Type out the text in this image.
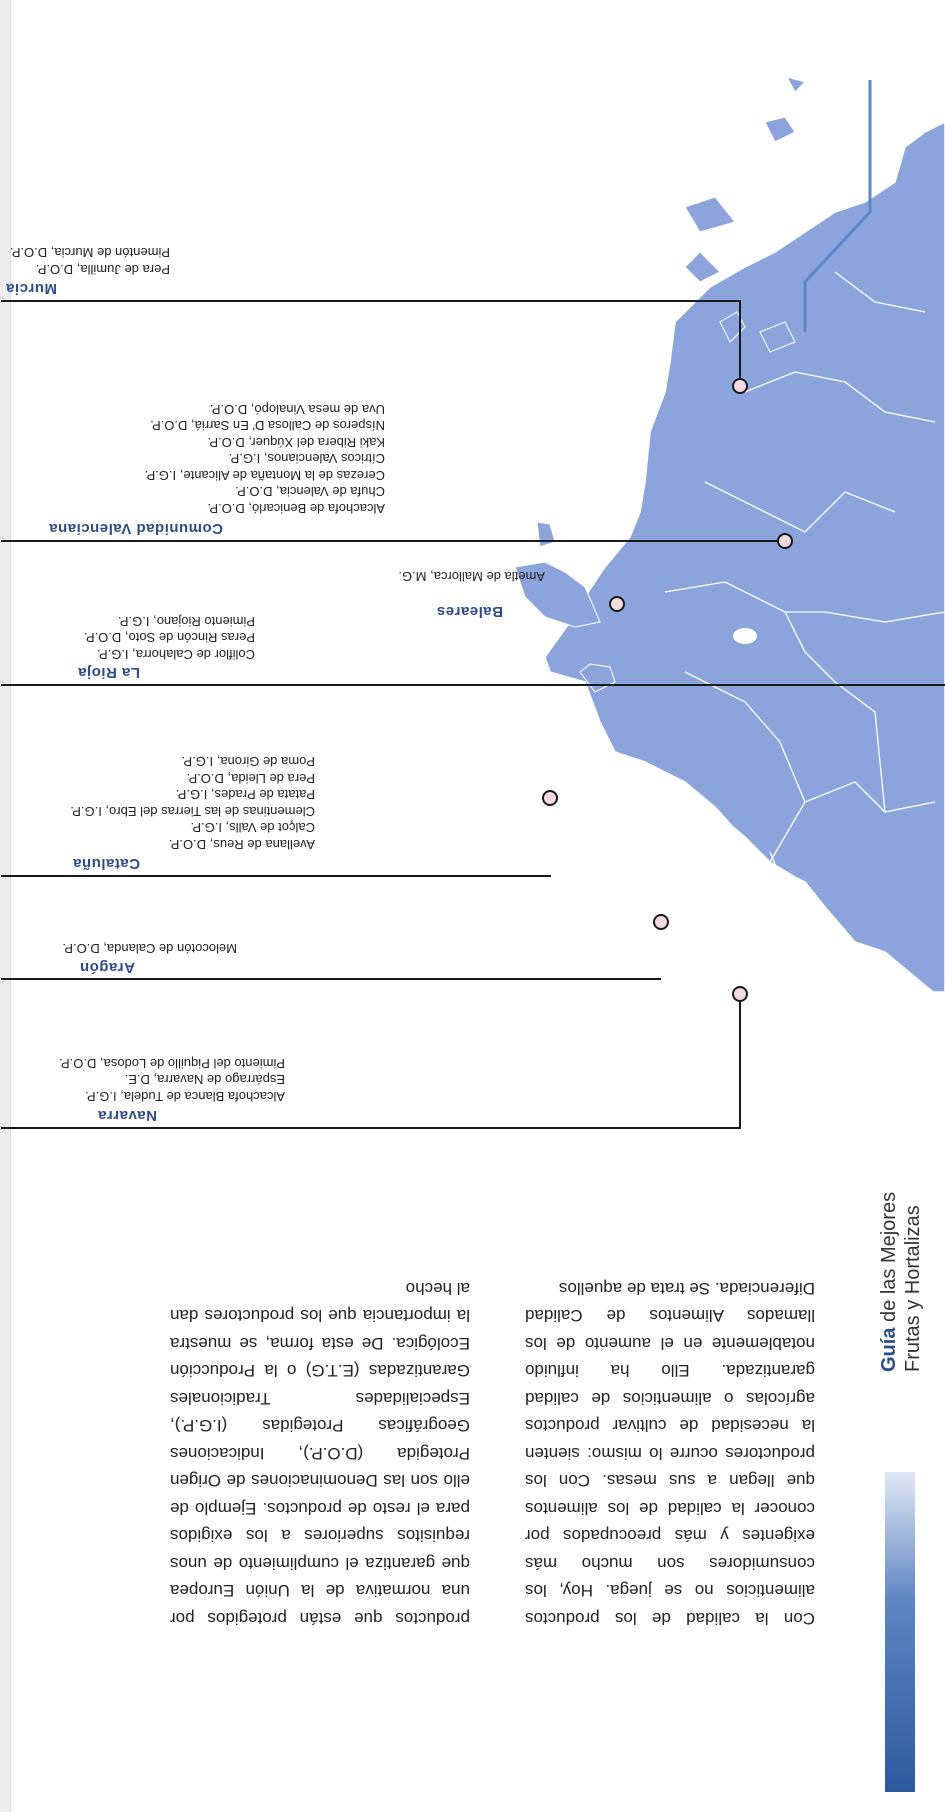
Guía de las Mejores Frutas y Hortalizas
Navarra
Alcachofa Blanca de Tudela, I.G.P.
Espárrago de Navarra, D.E.
Pimiento del Piquillo de Lodosa, D.O.P.
Aragón
Melocotón de Calanda, D.O.P.
Cataluña
Avellana de Reus, D.O.P.
Calçot de Valls, I.G.P.
Clementinas de las Tierras del Ebro, I.G.P.
Patata de Prades, I.G.P.
Pera de Lleida, D.O.P.
Poma de Girona, I.G.P.
La Rioja
Coliflor de Calahorra, I.G.P.
Peras Rincón de Soto, D.O.P.
Pimiento Riojano, I.G.P.
Baleares
Ametla de Mallorca, M.G.
Comunidad Valenciana
Alcachofa de Benicarló, D.O.P.
Chufa de Valencia, D.O.P.
Cerezas de la Montaña de Alicante, I.G.P.
Cítricos Valencianos, I.G.P.
Kaki Ribera del Xúquer, D.O.P.
Nísperos de Callosa D' En Sarriá, D.O.P.
Uva de mesa Vinalopó, D.O.P.
Murcia
Pera de Jumilla, D.O.P.
Pimentón de Murcia, D.O.P.
Con la calidad de los productos alimenticios no se juega. Hoy, los consumidores son mucho más exigentes y más preocupados por conocer la calidad de los alimentos que llegan a sus mesas. Con los productores ocurre lo mismo: sienten la necesidad de cultivar productos agrícolas o alimenticios de calidad garantizada. Ello ha influido notablemente en el aumento de los llamados Alimentos de Calidad Diferenciada. Se trata de aquellos
productos que están protegidos por una normativa de la Unión Europea que garantiza el cumplimiento de unos requisitos superiores a los exigidos para el resto de productos. Ejemplo de ello son las Denominaciones de Origen Protegida (D.O.P.), Indicaciones Geográficas Protegidas (I.G.P.), Especialidades Tradicionales Garantizadas (E.T.G) o la Producción Ecológica. De esta forma, se muestra la importancia que los productores dan al hecho
